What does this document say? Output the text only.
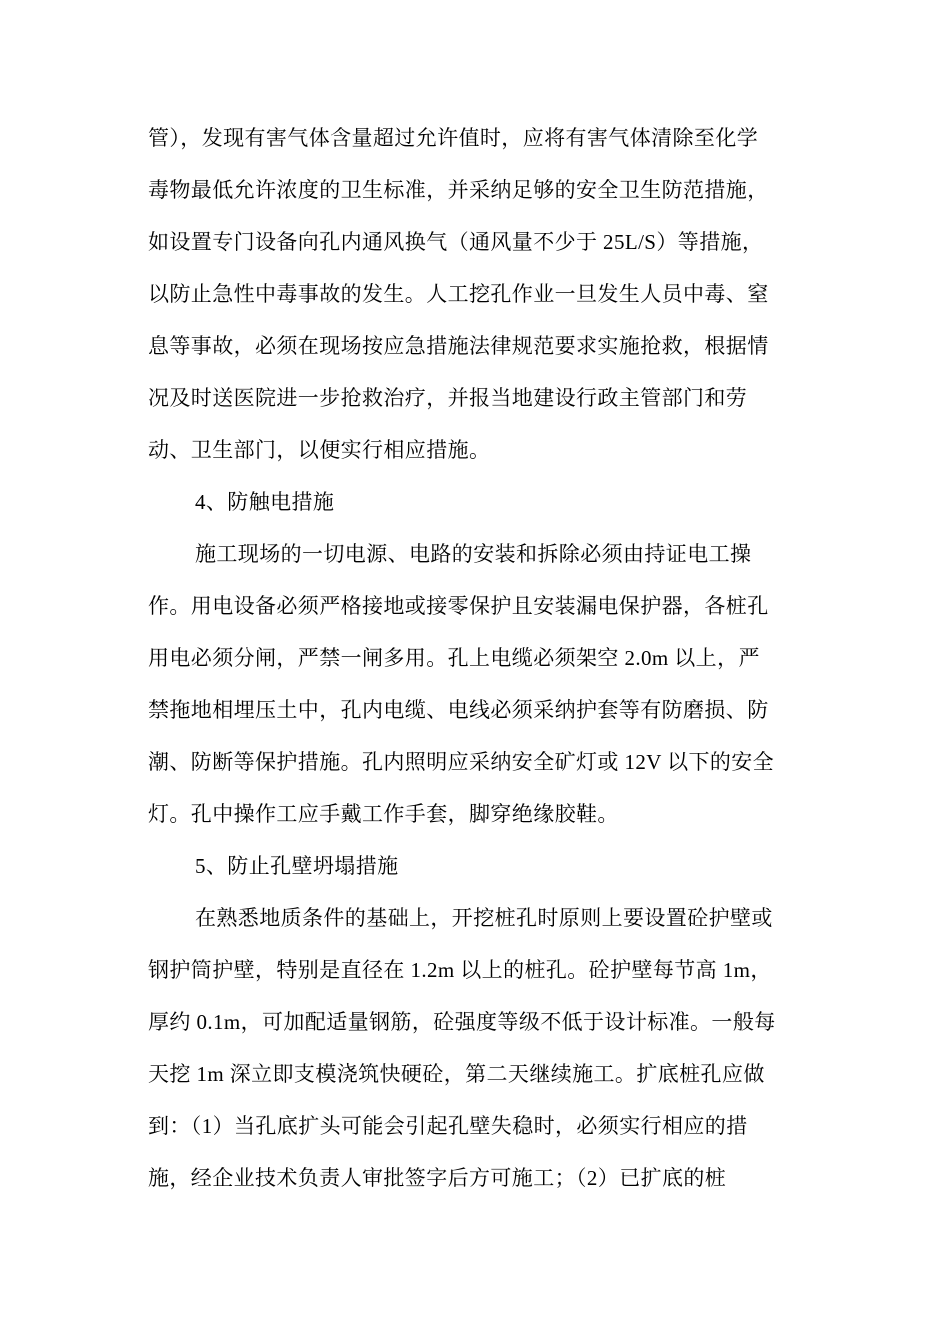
管），发现有害气体含量超过允许值时，应将有害气体清除至化学
毒物最低允许浓度的卫生标准，并采纳足够的安全卫生防范措施，
如设置专门设备向孔内通风换气（通风量不少于 25L/S）等措施，
以防止急性中毒事故的发生。人工挖孔作业一旦发生人员中毒、窒
息等事故，必须在现场按应急措施法律规范要求实施抢救，根据情
况及时送医院进一步抢救治疗，并报当地建设行政主管部门和劳
动、卫生部门，以便实行相应措施。
4、防触电措施
施工现场的一切电源、电路的安装和拆除必须由持证电工操
作。用电设备必须严格接地或接零保护且安装漏电保护器，各桩孔
用电必须分闸，严禁一闸多用。孔上电缆必须架空 2.0m 以上，严
禁拖地相埋压土中，孔内电缆、电线必须采纳护套等有防磨损、防
潮、防断等保护措施。孔内照明应采纳安全矿灯或 12V 以下的安全
灯。孔中操作工应手戴工作手套，脚穿绝缘胶鞋。
5、防止孔壁坍塌措施
在熟悉地质条件的基础上，开挖桩孔时原则上要设置砼护壁或
钢护筒护壁，特别是直径在 1.2m 以上的桩孔。砼护壁每节高 1m，
厚约 0.1m，可加配适量钢筋，砼强度等级不低于设计标准。一般每
天挖 1m 深立即支模浇筑快硬砼，第二天继续施工。扩底桩孔应做
到：（1）当孔底扩头可能会引起孔壁失稳时，必须实行相应的措
施，经企业技术负责人审批签字后方可施工；（2）已扩底的桩
